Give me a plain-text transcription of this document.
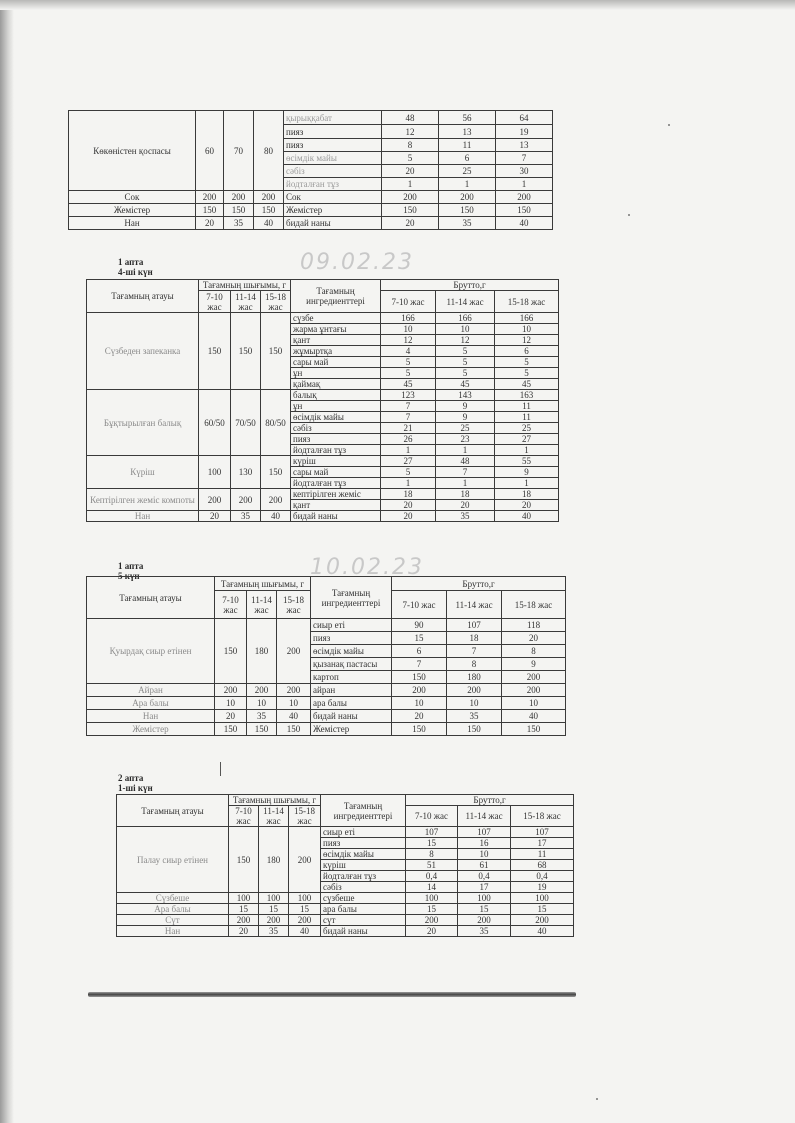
Көкөністен қоспасы	60	70	80	қырыққабат	48	56	64
				пияз	12	13	19
				пияз	8	11	13
				өсімдік майы	5	6	7
				сәбіз	20	25	30
				йодталған тұз	1	1	1
Сок	200	200	200	Сок	200	200	200
Жемістер	150	150	150	Жемістер	150	150	150
Нан	20	35	40	бидай наны	20	35	40
1 апта
4-ші күн	09.02.23
Тағамның атауы	Тағамның шығымы, г			Тағамның ингредиенттері	Брутто,г		
	7-10 жас	11-14 жас	15-18 жас		7-10 жас	11-14 жас	15-18 жас

Сүзбеден запеканка	150	150	150	сүзбе	166	166	166
				жарма ұнтағы	10	10	10
				қант	12	12	12
				жұмыртқа	4	5	6
				сары май	5	5	5
				ұн	5	5	5
				қаймақ	45	45	45
Бұқтырылған балық	60/50	70/50	80/50	балық	123	143	163
				ұн	7	9	11
				өсімдік майы	7	9	11
				сәбіз	21	25	25
				пияз	26	23	27
				йодталған тұз	1	1	1
Күріш	100	130	150	күріш	27	48	55
				сары май	5	7	9
				йодталған тұз	1	1	1
Кептірілген жеміс компоты	200	200	200	кептірілген жеміс	18	18	18
				қант	20	20	20
Нан	20	35	40	бидай наны	20	35	40
1 апта
5 күн	10.02.23
Тағамның атауы	Тағамның шығымы, г			Тағамның ингредиенттері	Брутто,г		
	7-10 жас	11-14 жас	15-18 жас		7-10 жас	11-14 жас	15-18 жас

Қуырдақ сиыр етінен	150	180	200	сиыр еті	90	107	118
				пияз	15	18	20
				өсімдік майы	6	7	8
				қызанақ пастасы	7	8	9
				картоп	150	180	200
Айран	200	200	200	айран	200	200	200
Ара балы	10	10	10	ара балы	10	10	10
Нан	20	35	40	бидай наны	20	35	40
Жемістер	150	150	150	Жемістер	150	150	150
2 апта
1-ші күн
Тағамның атауы	Тағамның шығымы, г			Тағамның ингредиенттері	Брутто,г		
	7-10 жас	11-14 жас	15-18 жас		7-10 жас	11-14 жас	15-18 жас

Палау сиыр етінен	150	180	200	сиыр еті	107	107	107
				пияз	15	16	17
				өсімдік майы	8	10	11
				күріш	51	61	68
				йодталған тұз	0,4	0,4	0,4
				сәбіз	14	17	19
Сүзбеше	100	100	100	сүзбеше	100	100	100
Ара балы	15	15	15	ара балы	15	15	15
Сүт	200	200	200	сүт	200	200	200
Нан	20	35	40	бидай наны	20	35	40
